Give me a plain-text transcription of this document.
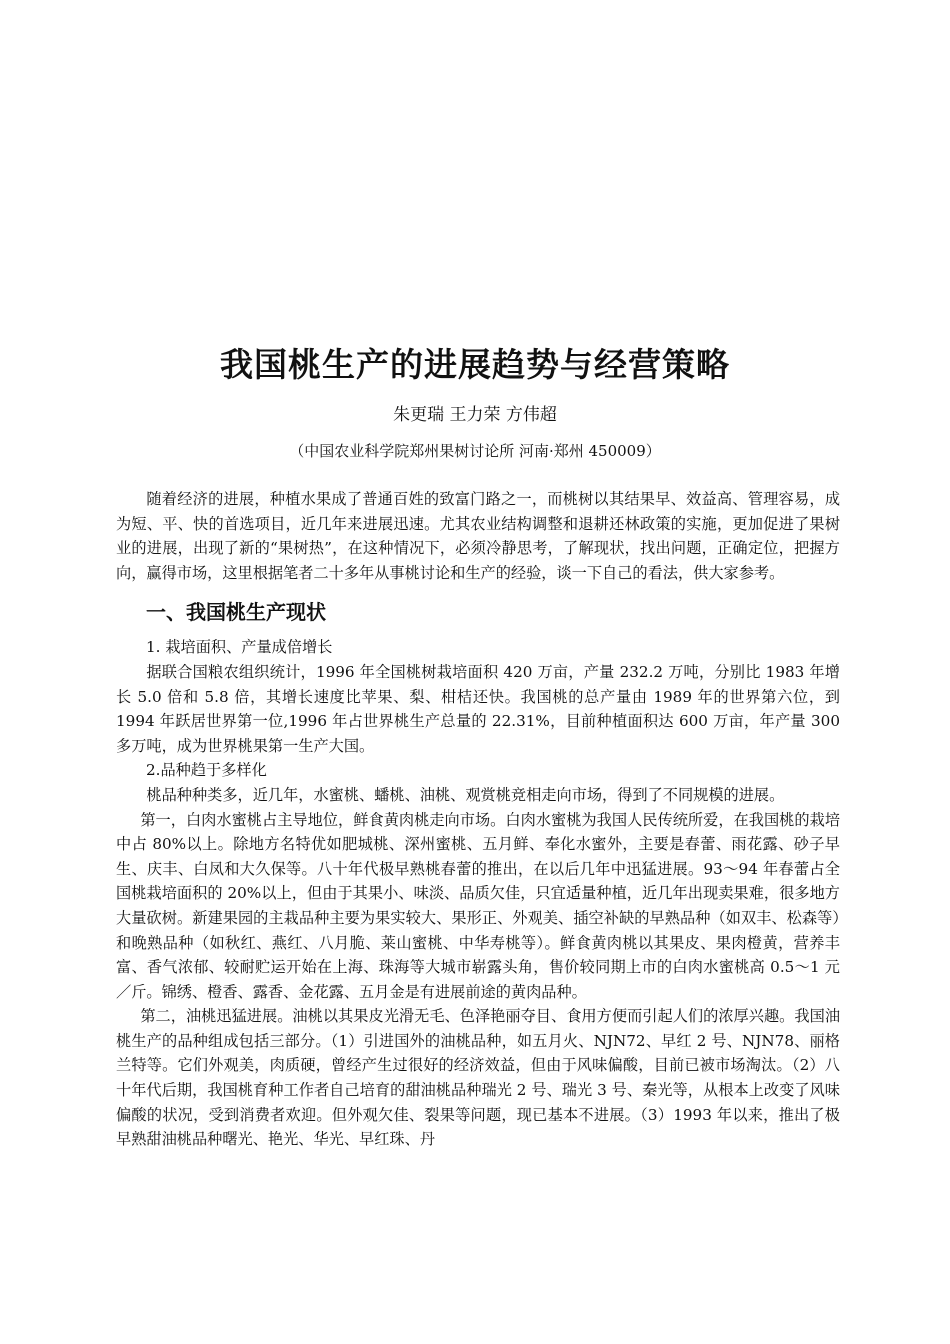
我国桃生产的进展趋势与经营策略
朱更瑞 王力荣 方伟超
（中国农业科学院郑州果树讨论所 河南·郑州 450009）

随着经济的进展，种植水果成了普通百姓的致富门路之一，而桃树以其结果早、效益高、管理容易，成为短、平、快的首选项目，近几年来进展迅速。尤其农业结构调整和退耕还林政策的实施，更加促进了果树业的进展，出现了新的“果树热”，在这种情况下，必须冷静思考，了解现状，找出问题，正确定位，把握方向，赢得市场，这里根据笔者二十多年从事桃讨论和生产的经验，谈一下自己的看法，供大家参考。

一、我国桃生产现状

1. 栽培面积、产量成倍增长

据联合国粮农组织统计，1996 年全国桃树栽培面积 420 万亩，产量 232.2 万吨，分别比 1983 年增长 5.0 倍和 5.8 倍，其增长速度比苹果、梨、柑桔还快。我国桃的总产量由 1989 年的世界第六位，到 1994 年跃居世界第一位,1996 年占世界桃生产总量的 22.31%，目前种植面积达 600 万亩，年产量 300 多万吨，成为世界桃果第一生产大国。

2.品种趋于多样化

桃品种种类多，近几年，水蜜桃、蟠桃、油桃、观赏桃竞相走向市场，得到了不同规模的进展。

第一，白肉水蜜桃占主导地位，鲜食黄肉桃走向市场。白肉水蜜桃为我国人民传统所爱，在我国桃的栽培中占 80%以上。除地方名特优如肥城桃、深州蜜桃、五月鲜、奉化水蜜外，主要是春蕾、雨花露、砂子早生、庆丰、白凤和大久保等。八十年代极早熟桃春蕾的推出，在以后几年中迅猛进展。93～94 年春蕾占全国桃栽培面积的 20%以上，但由于其果小、味淡、品质欠佳，只宜适量种植，近几年出现卖果难，很多地方大量砍树。新建果园的主栽品种主要为果实较大、果形正、外观美、插空补缺的早熟品种（如双丰、松森等）和晚熟品种（如秋红、燕红、八月脆、莱山蜜桃、中华寿桃等）。鲜食黄肉桃以其果皮、果肉橙黄，营养丰富、香气浓郁、较耐贮运开始在上海、珠海等大城市崭露头角，售价较同期上市的白肉水蜜桃高 0.5～1 元／斤。锦绣、橙香、露香、金花露、五月金是有进展前途的黄肉品种。

第二，油桃迅猛进展。油桃以其果皮光滑无毛、色泽艳丽夺目、食用方便而引起人们的浓厚兴趣。我国油桃生产的品种组成包括三部分。（1）引进国外的油桃品种，如五月火、NJN72、早红 2 号、NJN78、丽格兰特等。它们外观美，肉质硬，曾经产生过很好的经济效益，但由于风味偏酸，目前已被市场淘汰。（2）八十年代后期，我国桃育种工作者自己培育的甜油桃品种瑞光 2 号、瑞光 3 号、秦光等，从根本上改变了风味偏酸的状况，受到消费者欢迎。但外观欠佳、裂果等问题，现已基本不进展。（3）1993 年以来，推出了极早熟甜油桃品种曙光、艳光、华光、早红珠、丹
